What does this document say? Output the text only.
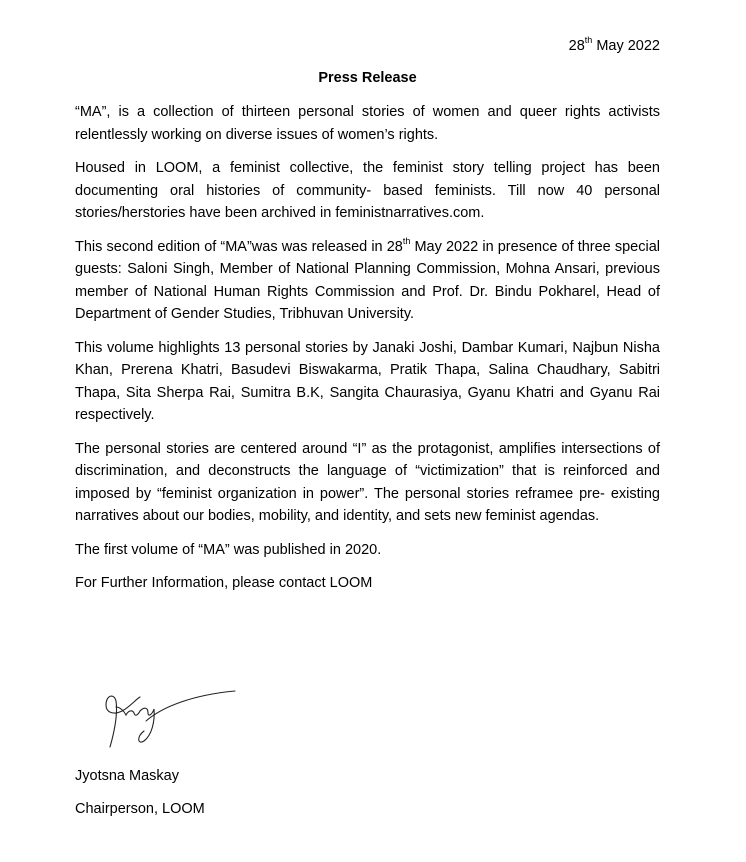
28th May 2022
Press Release

“MA”, is a collection of thirteen personal stories of women and queer rights activists relentlessly working on diverse issues of women’s rights.

Housed in LOOM, a feminist collective, the feminist story telling project has been documenting oral histories of community- based feminists. Till now 40 personal stories/herstories have been archived in feministnarratives.com.

This second edition of “MA”was was released in 28th May 2022 in presence of three special guests: Saloni Singh, Member of National Planning Commission, Mohna Ansari, previous member of National Human Rights Commission and Prof. Dr. Bindu Pokharel, Head of Department of Gender Studies, Tribhuvan University.

This volume highlights 13 personal stories by Janaki Joshi, Dambar Kumari, Najbun Nisha Khan, Prerena Khatri, Basudevi Biswakarma, Pratik Thapa, Salina Chaudhary, Sabitri Thapa, Sita Sherpa Rai, Sumitra B.K, Sangita Chaurasiya, Gyanu Khatri and Gyanu Rai respectively.

The personal stories are centered around “I” as the protagonist, amplifies intersections of discrimination, and deconstructs the language of “victimization” that is reinforced and imposed by “feminist organization in power”. The personal stories reframee pre- existing narratives about our bodies, mobility, and identity, and sets new feminist agendas.

The first volume of “MA” was published in 2020.

For Further Information, please contact LOOM

Jyotsna Maskay
Chairperson, LOOM
